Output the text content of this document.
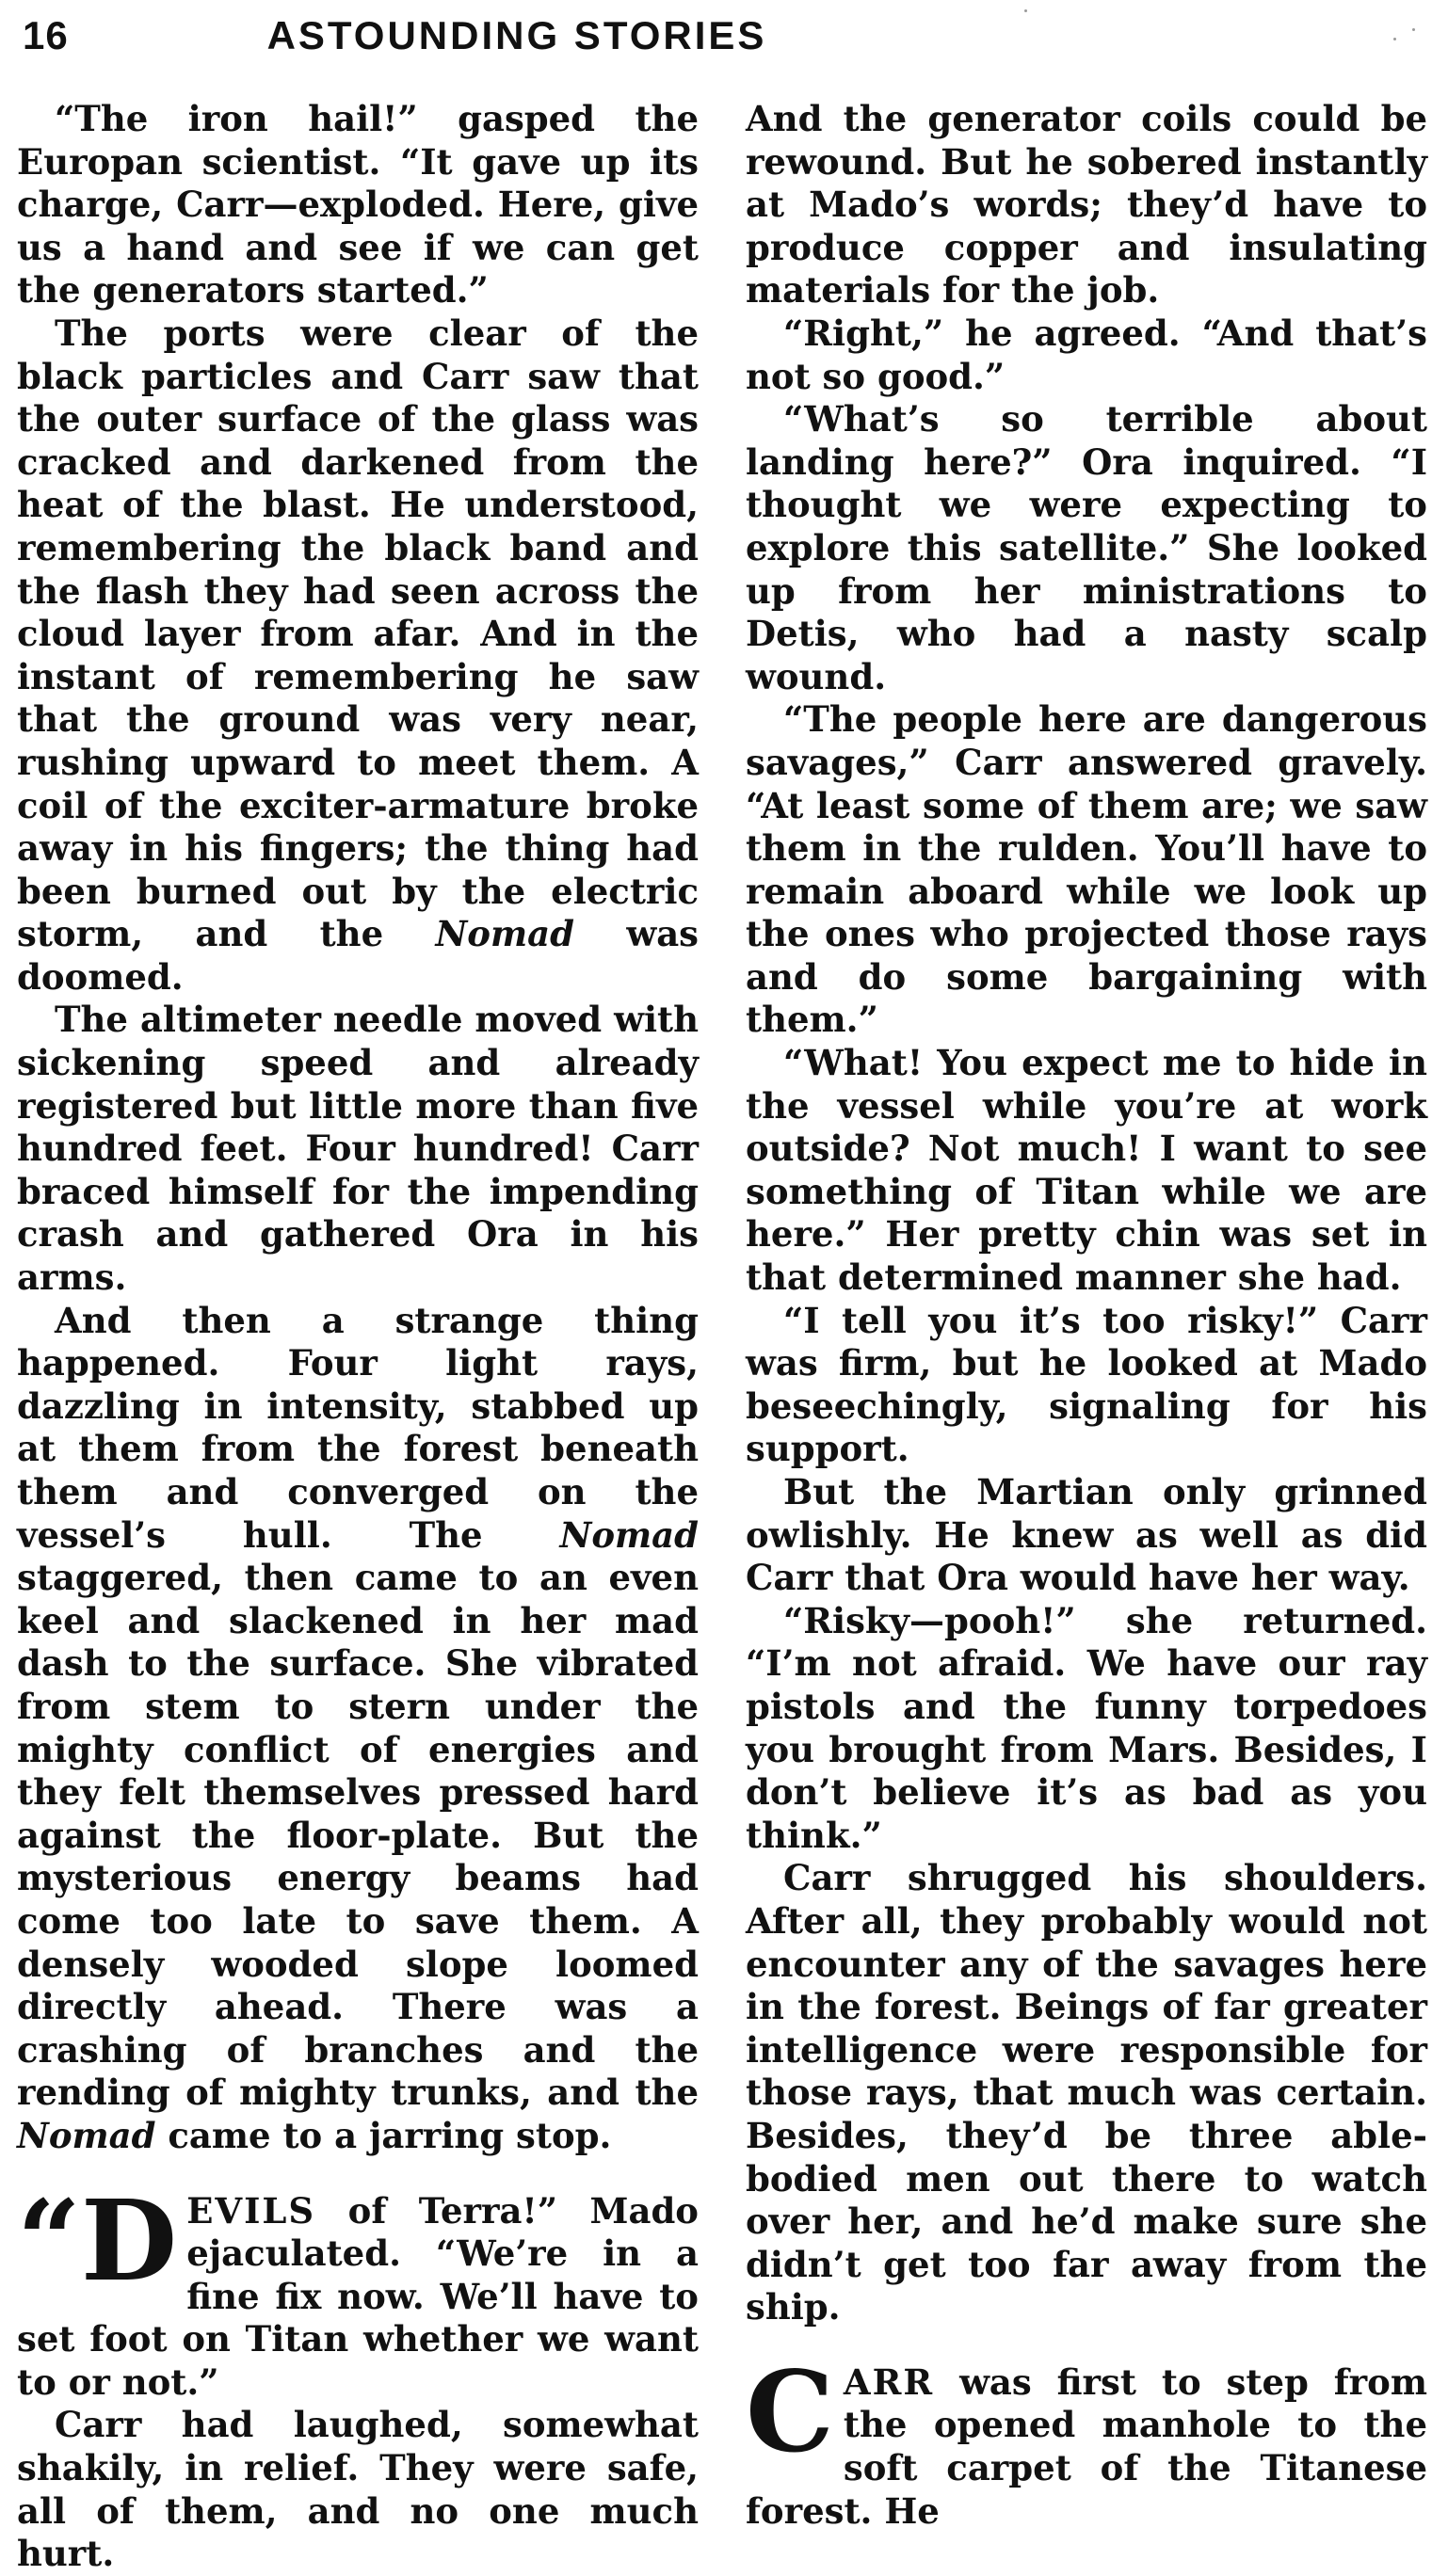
16	ASTOUNDING STORIES

“The iron hail!” gasped the Europan scientist. “It gave up its charge, Carr—exploded. Here, give us a hand and see if we can get the generators started.”

The ports were clear of the black particles and Carr saw that the outer surface of the glass was cracked and darkened from the heat of the blast. He understood, remembering the black band and the flash they had seen across the cloud layer from afar. And in the instant of remembering he saw that the ground was very near, rushing upward to meet them. A coil of the exciter-armature broke away in his fingers; the thing had been burned out by the electric storm, and the Nomad was doomed.

The altimeter needle moved with sickening speed and already registered but little more than five hundred feet. Four hundred! Carr braced himself for the impending crash and gathered Ora in his arms.

And then a strange thing happened. Four light rays, dazzling in intensity, stabbed up at them from the forest beneath them and converged on the vessel’s hull. The Nomad staggered, then came to an even keel and slackened in her mad dash to the surface. She vibrated from stem to stern under the mighty conflict of energies and they felt themselves pressed hard against the floor-plate. But the mysterious energy beams had come too late to save them. A densely wooded slope loomed directly ahead. There was a crashing of branches and the rending of mighty trunks, and the Nomad came to a jarring stop.

“D EVILS of Terra!” Mado ejaculated. “We’re in a fine fix now. We’ll have to set foot on Titan whether we want to or not.”

Carr had laughed, somewhat shakily, in relief. They were safe, all of them, and no one much hurt.

And the generator coils could be rewound. But he sobered instantly at Mado’s words; they’d have to produce copper and insulating materials for the job.

“Right,” he agreed. “And that’s not so good.”

“What’s so terrible about landing here?” Ora inquired. “I thought we were expecting to explore this satellite.” She looked up from her ministrations to Detis, who had a nasty scalp wound.

“The people here are dangerous savages,” Carr answered gravely. “At least some of them are; we saw them in the rulden. You’ll have to remain aboard while we look up the ones who projected those rays and do some bargaining with them.”

“What! You expect me to hide in the vessel while you’re at work outside? Not much! I want to see something of Titan while we are here.” Her pretty chin was set in that determined manner she had.

“I tell you it’s too risky!” Carr was firm, but he looked at Mado beseechingly, signaling for his support.

But the Martian only grinned owlishly. He knew as well as did Carr that Ora would have her way.

“Risky—pooh!” she returned. “I’m not afraid. We have our ray pistols and the funny torpedoes you brought from Mars. Besides, I don’t believe it’s as bad as you think.”

Carr shrugged his shoulders. After all, they probably would not encounter any of the savages here in the forest. Beings of far greater intelligence were responsible for those rays, that much was certain. Besides, they’d be three able-bodied men out there to watch over her, and he’d make sure she didn’t get too far away from the ship.

CARR was first to step from the opened manhole to the soft carpet of the Titanese forest. He
